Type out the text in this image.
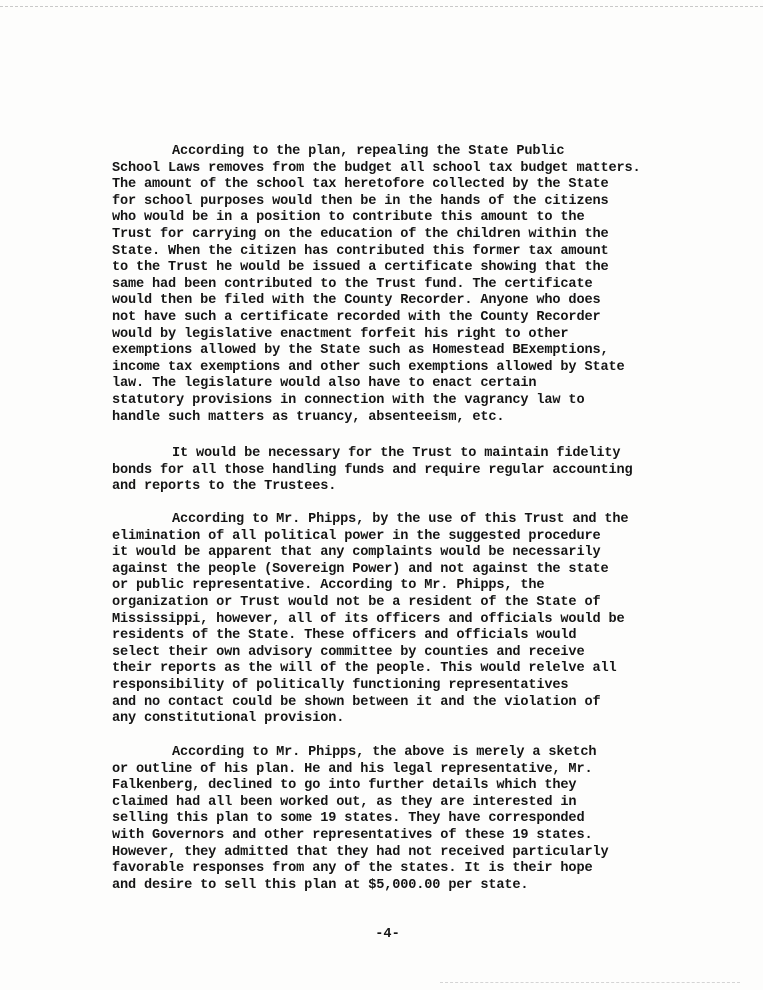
According to the plan, repealing the State Public
School Laws removes from the budget all school tax budget matters.
The amount of the school tax heretofore collected by the State
for school purposes would then be in the hands of the citizens
who would be in a position to contribute this amount to the
Trust for carrying on the education of the children within the
State. When the citizen has contributed this former tax amount
to the Trust he would be issued a certificate showing that the
same had been contributed to the Trust fund. The certificate
would then be filed with the County Recorder. Anyone who does
not have such a certificate recorded with the County Recorder
would by legislative enactment forfeit his right to other
exemptions allowed by the State such as Homestead BExemptions,
income tax exemptions and other such exemptions allowed by State
law. The legislature would also have to enact certain
statutory provisions in connection with the vagrancy law to
handle such matters as truancy, absenteeism, etc.
It would be necessary for the Trust to maintain fidelity
bonds for all those handling funds and require regular accounting
and reports to the Trustees.
According to Mr. Phipps, by the use of this Trust and the
elimination of all political power in the suggested procedure
it would be apparent that any complaints would be necessarily
against the people (Sovereign Power) and not against the state
or public representative. According to Mr. Phipps, the
organization or Trust would not be a resident of the State of
Mississippi, however, all of its officers and officials would be
residents of the State. These officers and officials would
select their own advisory committee by counties and receive
their reports as the will of the people. This would relelve all
responsibility of politically functioning representatives
and no contact could be shown between it and the violation of
any constitutional provision.
According to Mr. Phipps, the above is merely a sketch
or outline of his plan. He and his legal representative, Mr.
Falkenberg, declined to go into further details which they
claimed had all been worked out, as they are interested in
selling this plan to some 19 states. They have corresponded
with Governors and other representatives of these 19 states.
However, they admitted that they had not received particularly
favorable responses from any of the states. It is their hope
and desire to sell this plan at $5,000.00 per state.
-4-
